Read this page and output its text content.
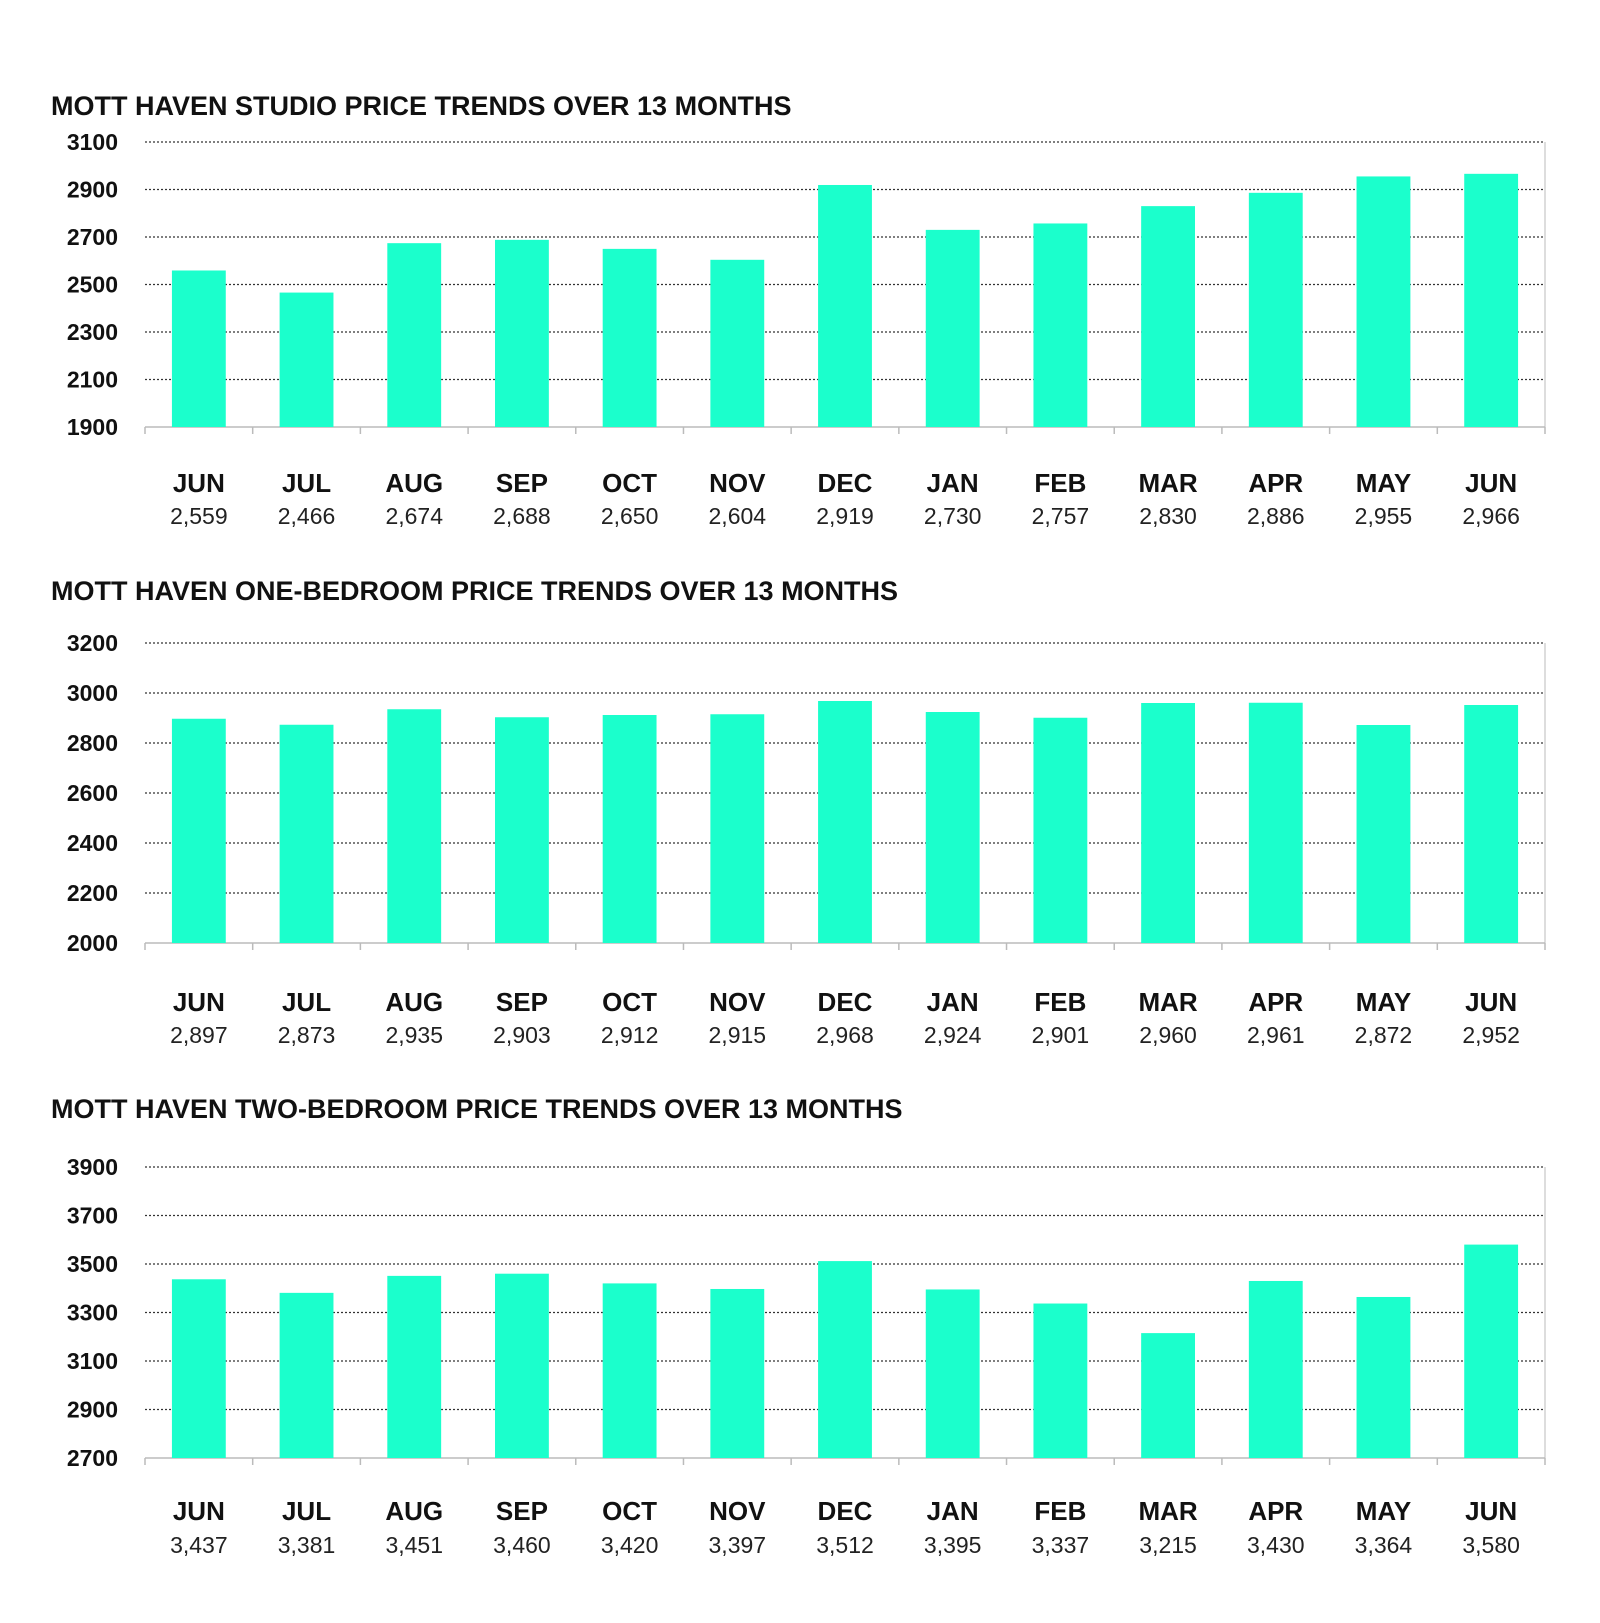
MOTT HAVEN STUDIO PRICE TRENDS OVER 13 MONTHS
1900
2100
2300
2500
2700
2900
3100
JUN
2,559
JUL
2,466
AUG
2,674
SEP
2,688
OCT
2,650
NOV
2,604
DEC
2,919
JAN
2,730
FEB
2,757
MAR
2,830
APR
2,886
MAY
2,955
JUN
2,966
MOTT HAVEN ONE-BEDROOM PRICE TRENDS OVER 13 MONTHS
2000
2200
2400
2600
2800
3000
3200
JUN
2,897
JUL
2,873
AUG
2,935
SEP
2,903
OCT
2,912
NOV
2,915
DEC
2,968
JAN
2,924
FEB
2,901
MAR
2,960
APR
2,961
MAY
2,872
JUN
2,952
MOTT HAVEN TWO-BEDROOM PRICE TRENDS OVER 13 MONTHS
2700
2900
3100
3300
3500
3700
3900
JUN
3,437
JUL
3,381
AUG
3,451
SEP
3,460
OCT
3,420
NOV
3,397
DEC
3,512
JAN
3,395
FEB
3,337
MAR
3,215
APR
3,430
MAY
3,364
JUN
3,580
